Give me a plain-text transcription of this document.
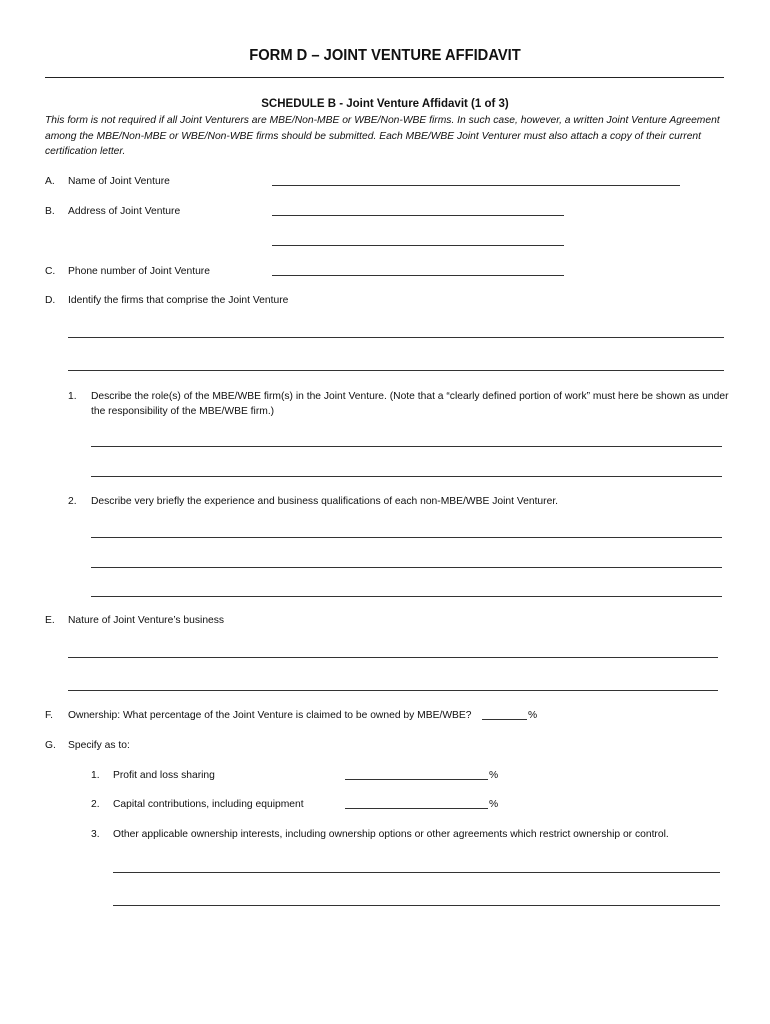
FORM D – JOINT VENTURE AFFIDAVIT
SCHEDULE B - Joint Venture Affidavit (1 of 3)
This form is not required if all Joint Venturers are MBE/Non-MBE or WBE/Non-WBE firms. In such case, however, a written Joint Venture Agreement among the MBE/Non-MBE or WBE/Non-WBE firms should be submitted. Each MBE/WBE Joint Venturer must also attach a copy of their current certification letter.
A. Name of Joint Venture
B. Address of Joint Venture
C. Phone number of Joint Venture
D. Identify the firms that comprise the Joint Venture
1. Describe the role(s) of the MBE/WBE firm(s) in the Joint Venture. (Note that a “clearly defined portion of work” must here be shown as under the responsibility of the MBE/WBE firm.)
2. Describe very briefly the experience and business qualifications of each non-MBE/WBE Joint Venturer.
E. Nature of Joint Venture’s business
F. Ownership: What percentage of the Joint Venture is claimed to be owned by MBE/WBE?	%
G. Specify as to:
1. Profit and loss sharing	%
2. Capital contributions, including equipment	%
3. Other applicable ownership interests, including ownership options or other agreements which restrict ownership or control.
